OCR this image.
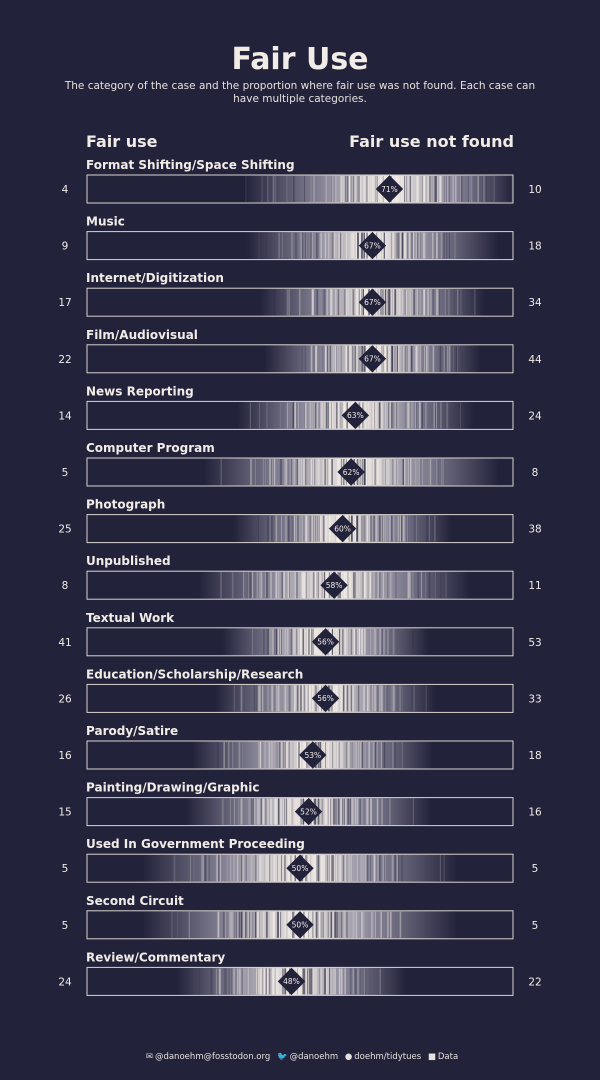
Fair Use
The category of the case and the proportion where fair use was not found. Each case can
have multiple categories.
Fair use	Fair use not found
Format Shifting/Space Shifting
71%
4	10
Music
67%
9	18
Internet/Digitization
67%
17	34
Film/Audiovisual
67%
22	44
News Reporting
63%
14	24
Computer Program
62%
5	8
Photograph
60%
25	38
Unpublished
58%
8	11
Textual Work
56%
41	53
Education/Scholarship/Research
56%
26	33
Parody/Satire
53%
16	18
Painting/Drawing/Graphic
52%
15	16
Used In Government Proceeding
50%
5	5
Second Circuit
50%
5	5
Review/Commentary
48%
24	22
✉ @danoehm@fosstodon.org 🐦 @danoehm ● doehm/tidytues ■ Data
